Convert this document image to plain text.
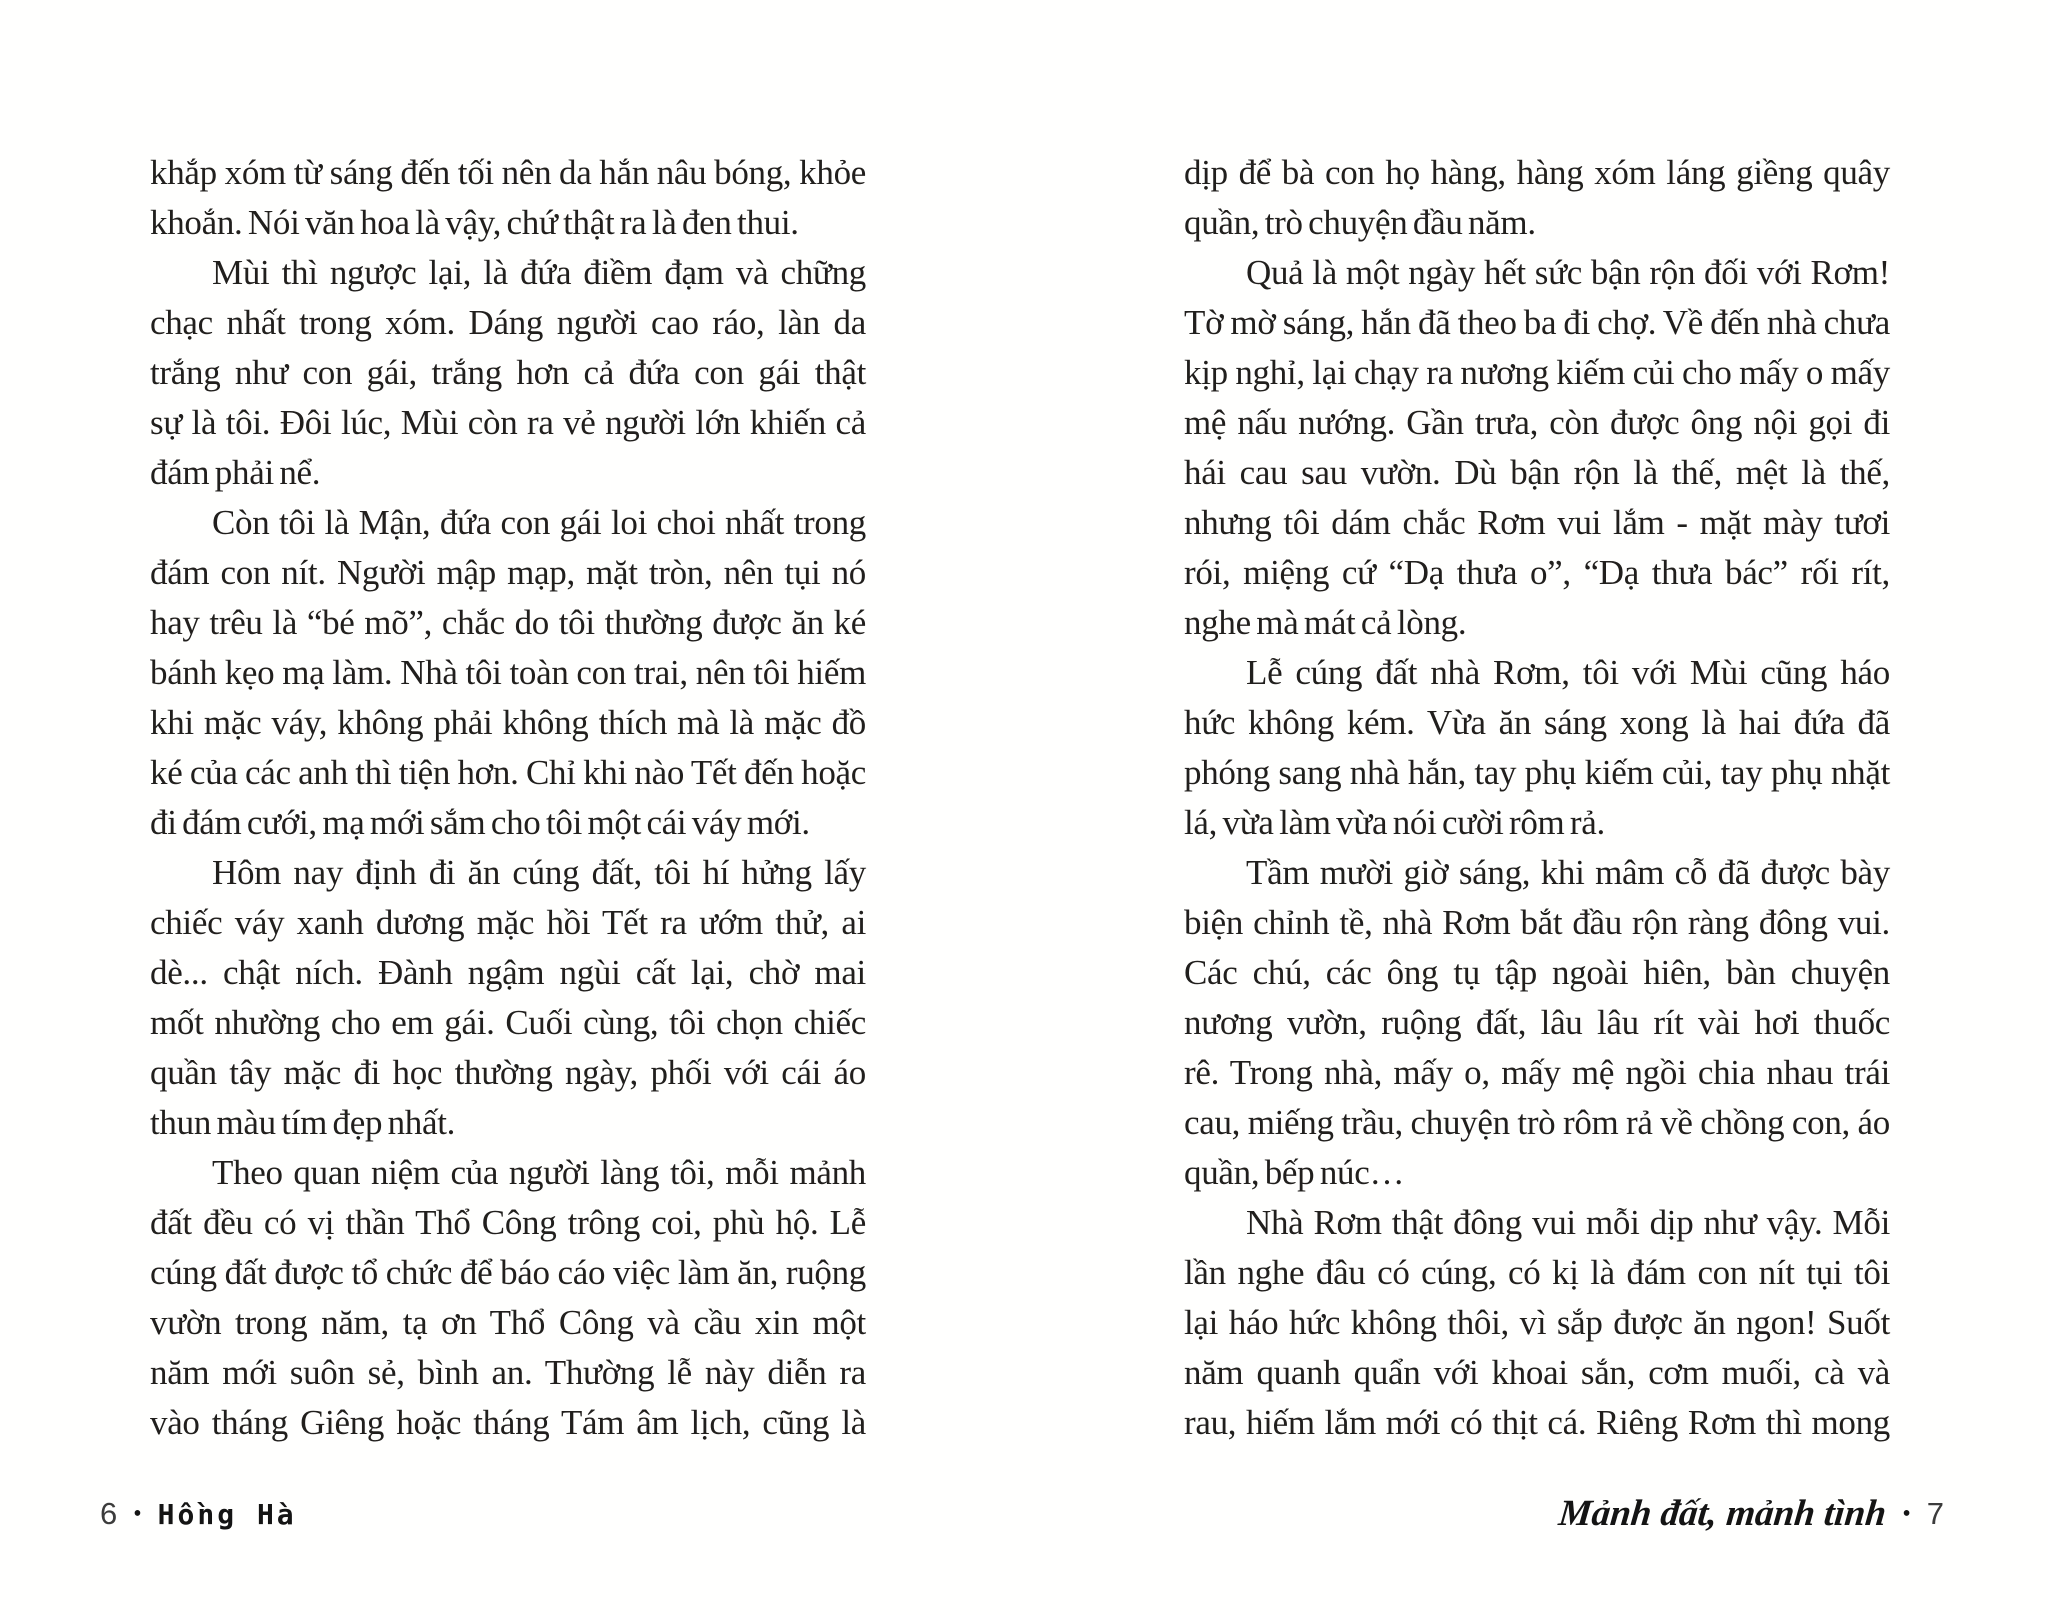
khắp xóm từ sáng đến tối nên da hắn nâu bóng, khỏe
khoắn. Nói văn hoa là vậy, chứ thật ra là đen thui.
Mùi thì ngược lại, là đứa điềm đạm và chững
chạc nhất trong xóm. Dáng người cao ráo, làn da
trắng như con gái, trắng hơn cả đứa con gái thật
sự là tôi. Đôi lúc, Mùi còn ra vẻ người lớn khiến cả
đám phải nể.
Còn tôi là Mận, đứa con gái loi choi nhất trong
đám con nít. Người mập mạp, mặt tròn, nên tụi nó
hay trêu là “bé mõ”, chắc do tôi thường được ăn ké
bánh kẹo mạ làm. Nhà tôi toàn con trai, nên tôi hiếm
khi mặc váy, không phải không thích mà là mặc đồ
ké của các anh thì tiện hơn. Chỉ khi nào Tết đến hoặc
đi đám cưới, mạ mới sắm cho tôi một cái váy mới.
Hôm nay định đi ăn cúng đất, tôi hí hửng lấy
chiếc váy xanh dương mặc hồi Tết ra ướm thử, ai
dè... chật ních. Đành ngậm ngùi cất lại, chờ mai
mốt nhường cho em gái. Cuối cùng, tôi chọn chiếc
quần tây mặc đi học thường ngày, phối với cái áo
thun màu tím đẹp nhất.
Theo quan niệm của người làng tôi, mỗi mảnh
đất đều có vị thần Thổ Công trông coi, phù hộ. Lễ
cúng đất được tổ chức để báo cáo việc làm ăn, ruộng
vườn trong năm, tạ ơn Thổ Công và cầu xin một
năm mới suôn sẻ, bình an. Thường lễ này diễn ra
vào tháng Giêng hoặc tháng Tám âm lịch, cũng là
dịp để bà con họ hàng, hàng xóm láng giềng quây
quần, trò chuyện đầu năm.
Quả là một ngày hết sức bận rộn đối với Rơm!
Tờ mờ sáng, hắn đã theo ba đi chợ. Về đến nhà chưa
kịp nghỉ, lại chạy ra nương kiếm củi cho mấy o mấy
mệ nấu nướng. Gần trưa, còn được ông nội gọi đi
hái cau sau vườn. Dù bận rộn là thế, mệt là thế,
nhưng tôi dám chắc Rơm vui lắm - mặt mày tươi
rói, miệng cứ “Dạ thưa o”, “Dạ thưa bác” rối rít,
nghe mà mát cả lòng.
Lễ cúng đất nhà Rơm, tôi với Mùi cũng háo
hức không kém. Vừa ăn sáng xong là hai đứa đã
phóng sang nhà hắn, tay phụ kiếm củi, tay phụ nhặt
lá, vừa làm vừa nói cười rôm rả.
Tầm mười giờ sáng, khi mâm cỗ đã được bày
biện chỉnh tề, nhà Rơm bắt đầu rộn ràng đông vui.
Các chú, các ông tụ tập ngoài hiên, bàn chuyện
nương vườn, ruộng đất, lâu lâu rít vài hơi thuốc
rê. Trong nhà, mấy o, mấy mệ ngồi chia nhau trái
cau, miếng trầu, chuyện trò rôm rả về chồng con, áo
quần, bếp núc…
Nhà Rơm thật đông vui mỗi dịp như vậy. Mỗi
lần nghe đâu có cúng, có kị là đám con nít tụi tôi
lại háo hức không thôi, vì sắp được ăn ngon! Suốt
năm quanh quẩn với khoai sắn, cơm muối, cà và
rau, hiếm lắm mới có thịt cá. Riêng Rơm thì mong
6 • Hồng Hà	Mảnh đất, mảnh tình • 7
